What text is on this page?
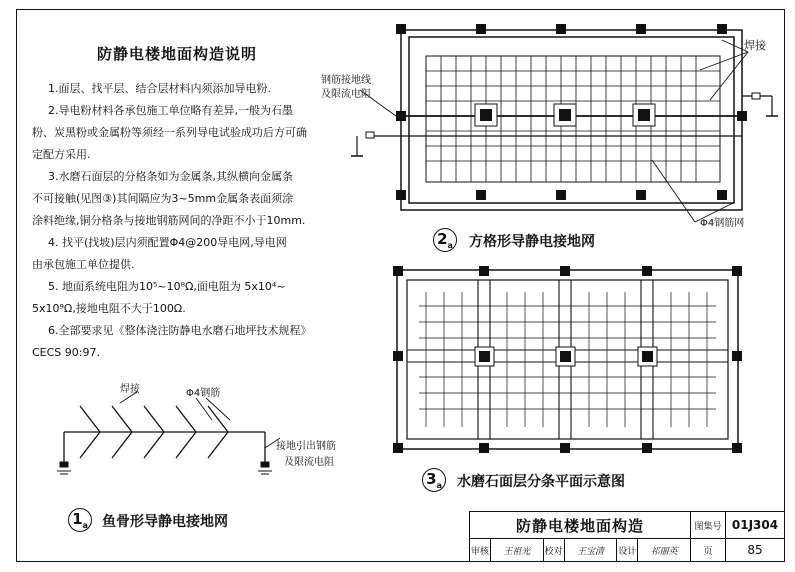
防静电楼地面构造说明

1.面层、找平层、结合层材料内须添加导电粉.

2.导电粉材料各承包施工单位略有差异,一般为石墨

粉、炭黑粉或金属粉等须经一系列导电试验成功后方可确

定配方采用.

3.水磨石面层的分格条如为金属条,其纵横向金属条

不可接触(见图③)其间隔应为3~5mm金属条表面须涂

涂料绝缘,铜分格条与接地钢筋网间的净距不小于10mm.

4. 找平(找坡)层内须配置Φ4@200导电网,导电网

由承包施工单位提供.

5. 地面系统电阻为10⁵~10⁸Ω,面电阻为 5x10⁴~

5x10⁹Ω,接地电阻不大于100Ω.

6.全部要求见《整体浇注防静电水磨石地坪技术规程》

CECS 90:97.

焊接	Φ4钢筋
接地引出钢筋
及限流电阻
$1_a$ 鱼骨形导静电接地网
钢筋接地线
及限流电阻
焊接
Φ4钢筋网
$2_a$ 方格形导静电接地网
$3_a$ 水磨石面层分条平面示意图
防静电楼地面构造						图集号	01J304
审核	王祖光	校对	王宝清	设计	祁丽英	页	85
